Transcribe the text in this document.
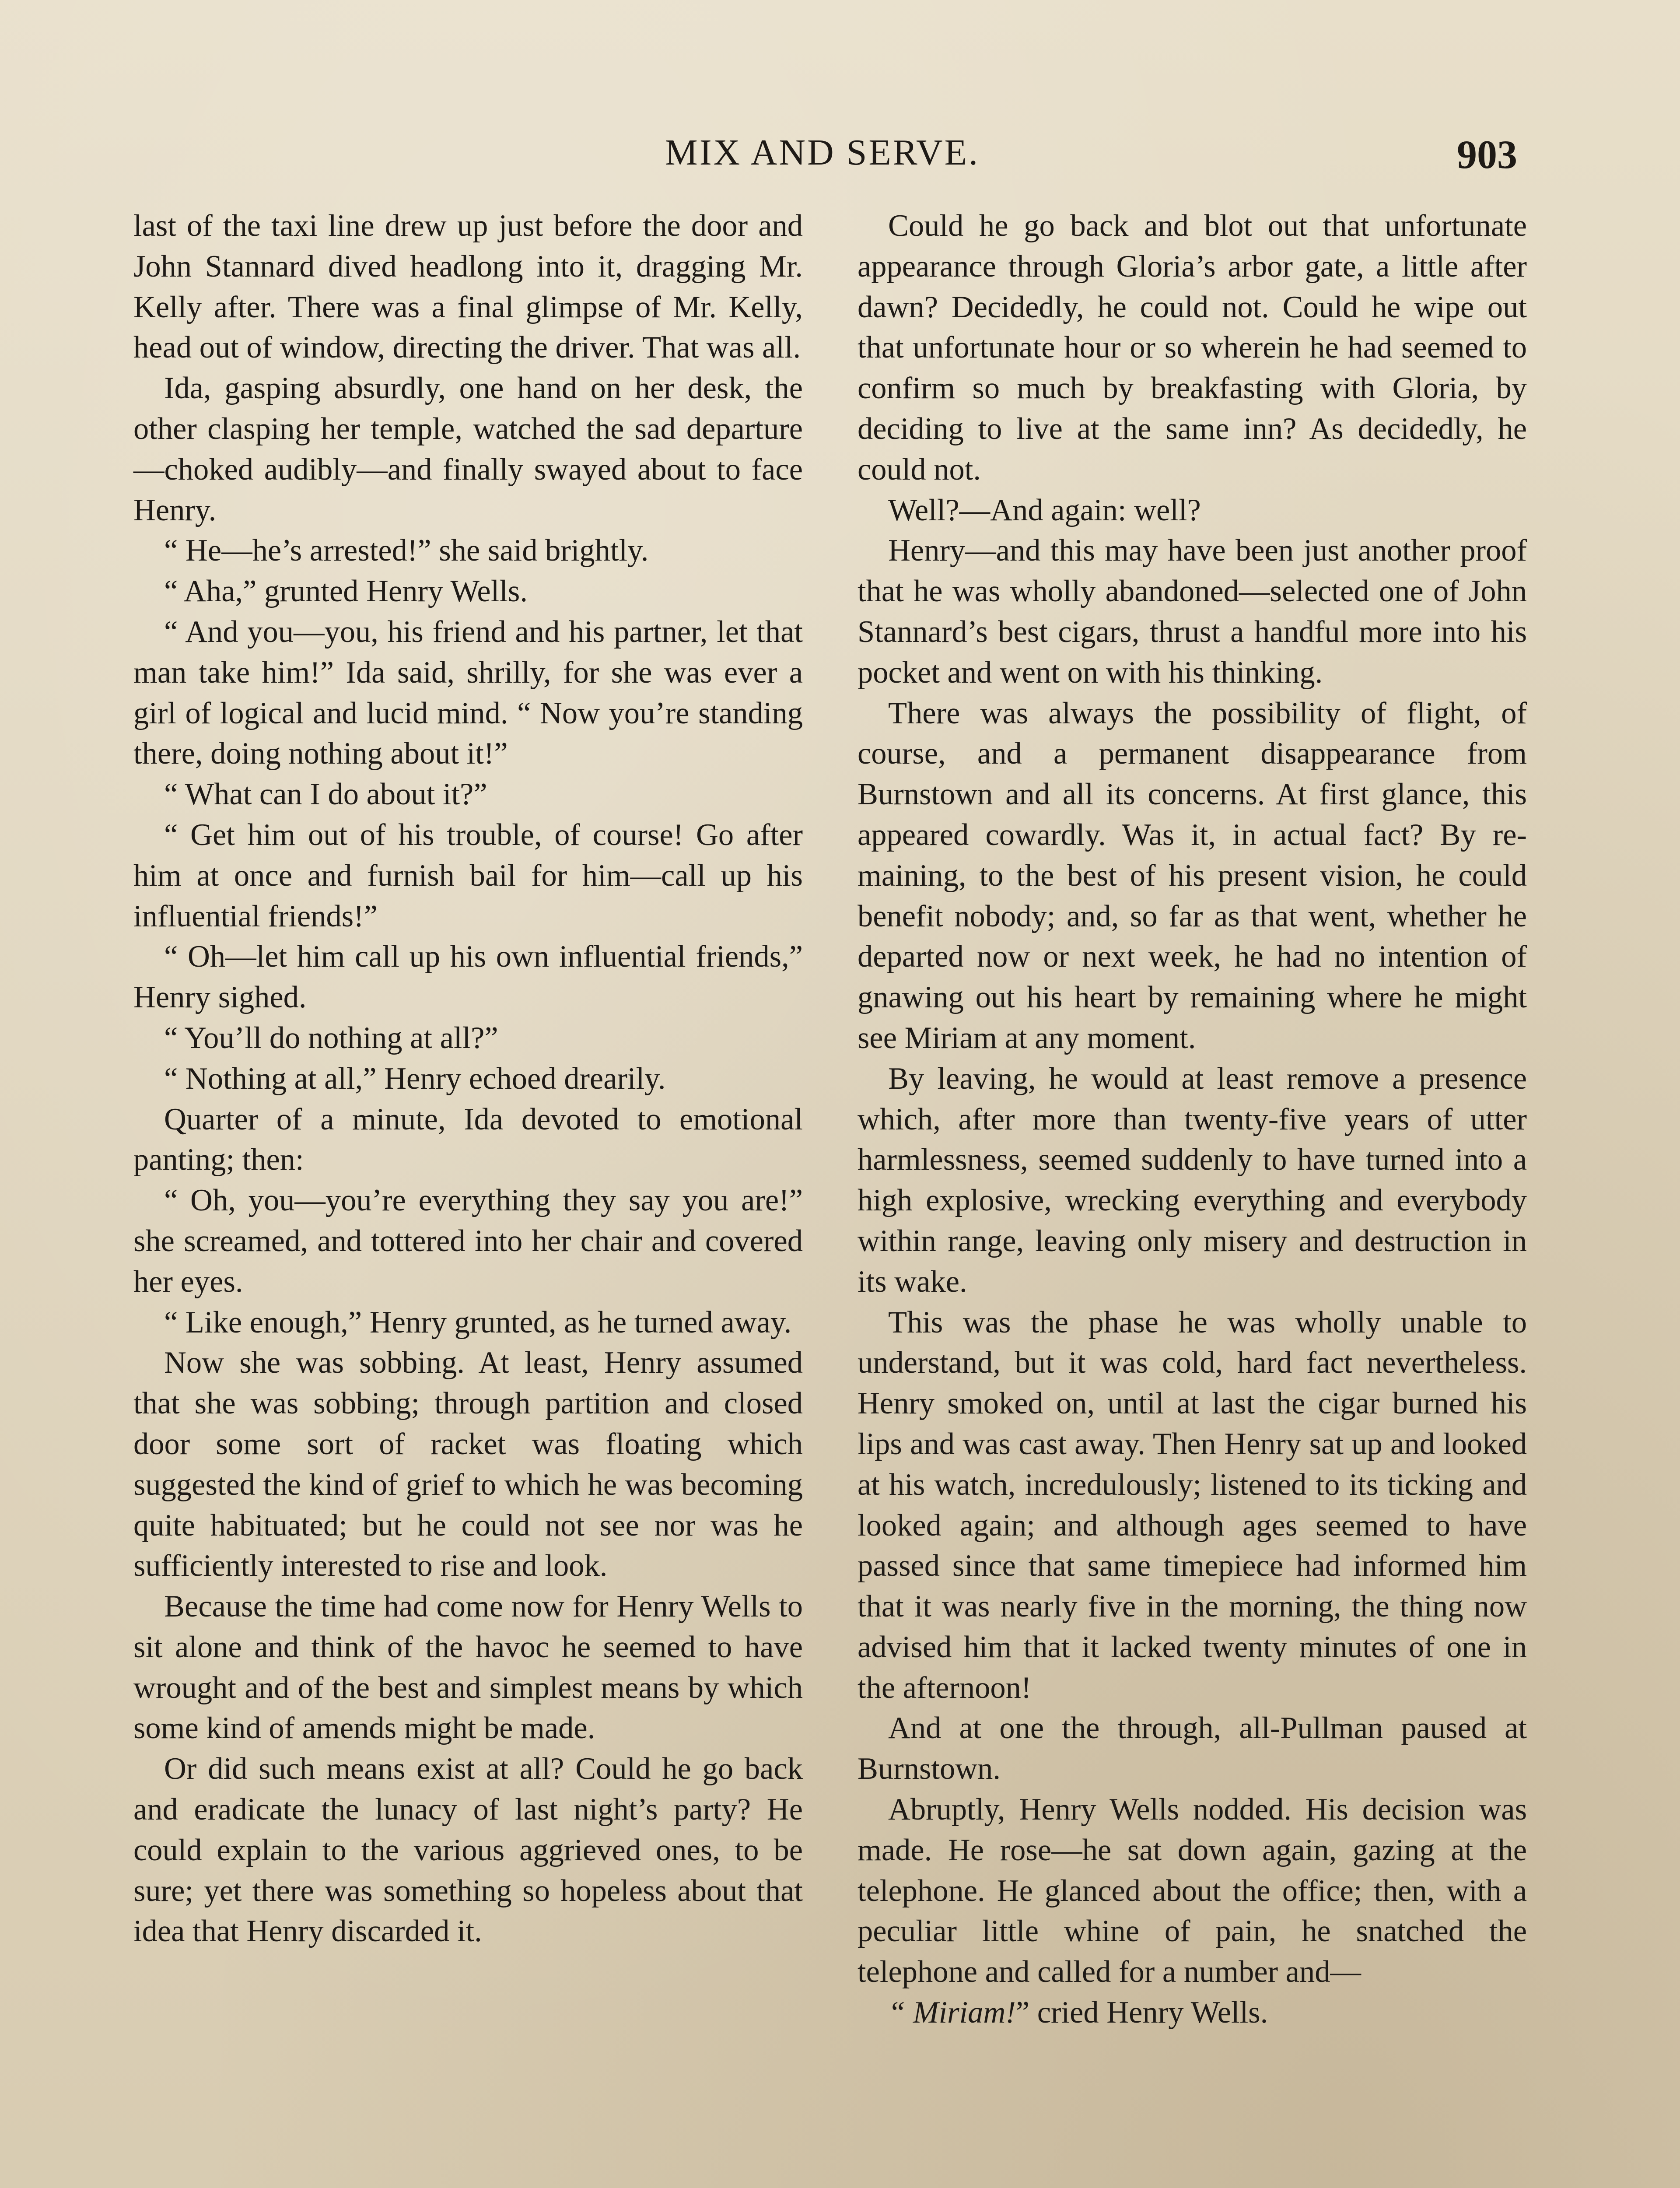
MIX AND SERVE.	903

last of the taxi line drew up just before the door and John Stannard dived headlong into it, dragging Mr. Kelly after. There was a final glimpse of Mr. Kelly, head out of window, directing the driver. That was all.

Ida, gasping absurdly, one hand on her desk, the other clasping her temple, watched the sad departure—choked audibly—and finally swayed about to face Henry.

“ He—he’s arrested!” she said brightly.

“ Aha,” grunted Henry Wells.

“ And you—you, his friend and his partner, let that man take him!” Ida said, shrilly, for she was ever a girl of logical and lucid mind. “ Now you’re standing there, doing nothing about it!”

“ What can I do about it?”

“ Get him out of his trouble, of course! Go after him at once and furnish bail for him—call up his influential friends!”

“ Oh—let him call up his own influential friends,” Henry sighed.

“ You’ll do nothing at all?”

“ Nothing at all,” Henry echoed drearily.

Quarter of a minute, Ida devoted to emotional panting; then:

“ Oh, you—you’re everything they say you are!” she screamed, and tottered into her chair and covered her eyes.

“ Like enough,” Henry grunted, as he turned away.

Now she was sobbing. At least, Henry assumed that she was sobbing; through partition and closed door some sort of racket was floating which suggested the kind of grief to which he was becoming quite habituated; but he could not see nor was he sufficiently interested to rise and look.

Because the time had come now for Henry Wells to sit alone and think of the havoc he seemed to have wrought and of the best and simplest means by which some kind of amends might be made.

Or did such means exist at all? Could he go back and eradicate the lunacy of last night’s party? He could explain to the various aggrieved ones, to be sure; yet there was something so hopeless about that idea that Henry discarded it.

Could he go back and blot out that unfortunate appearance through Gloria’s arbor gate, a little after dawn? Decidedly, he could not. Could he wipe out that unfortunate hour or so wherein he had seemed to confirm so much by breakfasting with Gloria, by deciding to live at the same inn? As decidedly, he could not.

Well?—And again: well?

Henry—and this may have been just another proof that he was wholly abandoned—selected one of John Stannard’s best cigars, thrust a handful more into his pocket and went on with his thinking.

There was always the possibility of flight, of course, and a permanent disappearance from Burnstown and all its concerns. At first glance, this appeared cowardly. Was it, in actual fact? By remaining, to the best of his present vision, he could benefit nobody; and, so far as that went, whether he departed now or next week, he had no intention of gnawing out his heart by remaining where he might see Miriam at any moment.

By leaving, he would at least remove a presence which, after more than twenty-five years of utter harmlessness, seemed suddenly to have turned into a high explosive, wrecking everything and everybody within range, leaving only misery and destruction in its wake.

This was the phase he was wholly unable to understand, but it was cold, hard fact nevertheless. Henry smoked on, until at last the cigar burned his lips and was cast away. Then Henry sat up and looked at his watch, incredulously; listened to its ticking and looked again; and although ages seemed to have passed since that same timepiece had informed him that it was nearly five in the morning, the thing now advised him that it lacked twenty minutes of one in the afternoon!

And at one the through, all-Pullman paused at Burnstown.

Abruptly, Henry Wells nodded. His decision was made. He rose—he sat down again, gazing at the telephone. He glanced about the office; then, with a peculiar little whine of pain, he snatched the telephone and called for a number and—

“ Miriam!” cried Henry Wells.
